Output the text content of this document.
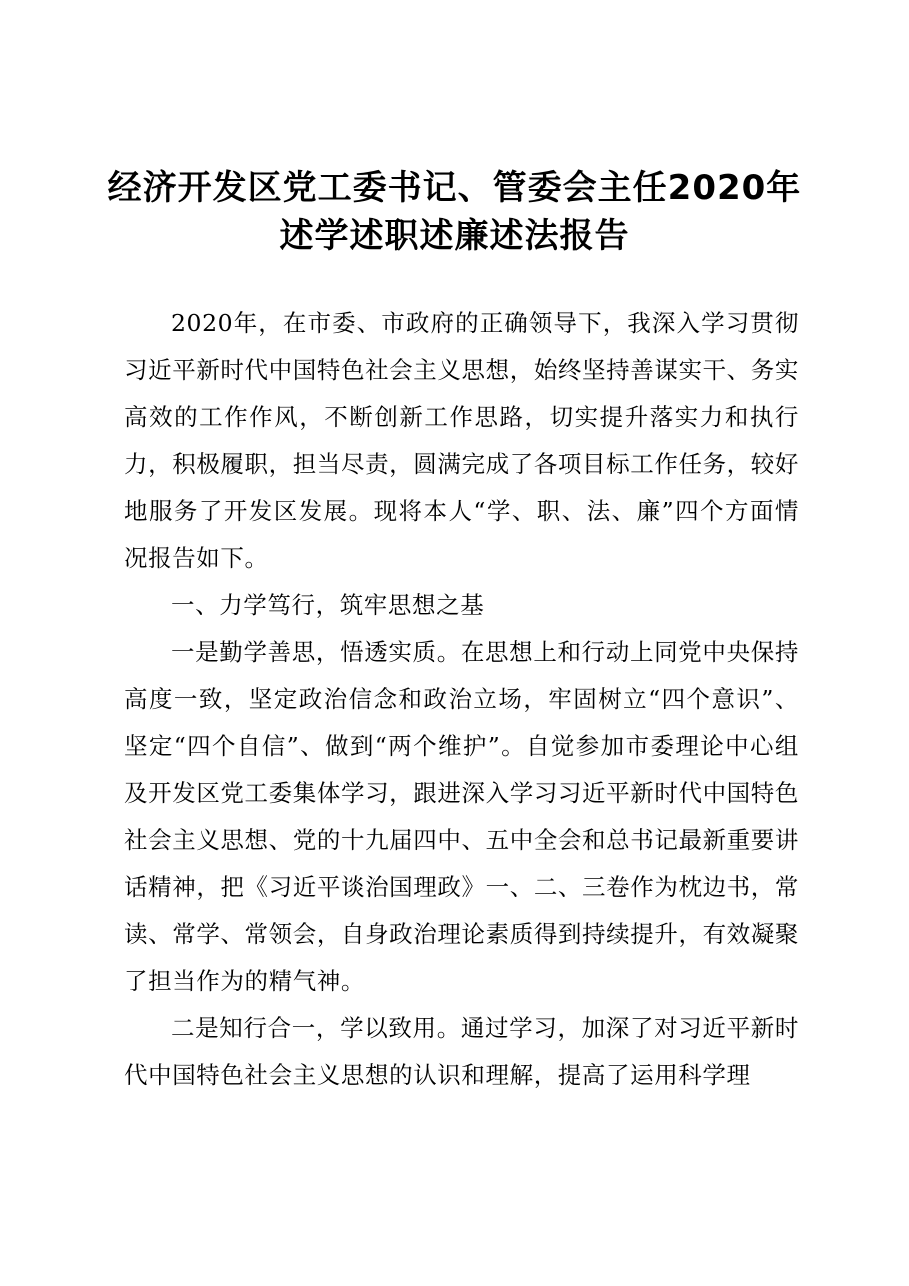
经济开发区党工委书记、管委会主任2020年
述学述职述廉述法报告

2020年，在市委、市政府的正确领导下，我深入学习贯彻习近平新时代中国特色社会主义思想，始终坚持善谋实干、务实高效的工作作风，不断创新工作思路，切实提升落实力和执行力，积极履职，担当尽责，圆满完成了各项目标工作任务，较好地服务了开发区发展。现将本人“学、职、法、廉”四个方面情况报告如下。

一、力学笃行，筑牢思想之基

一是勤学善思，悟透实质。在思想上和行动上同党中央保持高度一致，坚定政治信念和政治立场，牢固树立“四个意识”、坚定“四个自信”、做到“两个维护”。自觉参加市委理论中心组及开发区党工委集体学习，跟进深入学习习近平新时代中国特色社会主义思想、党的十九届四中、五中全会和总书记最新重要讲话精神，把《习近平谈治国理政》一、二、三卷作为枕边书，常读、常学、常领会，自身政治理论素质得到持续提升，有效凝聚了担当作为的精气神。

二是知行合一，学以致用。通过学习，加深了对习近平新时代中国特色社会主义思想的认识和理解，提高了运用科学理
